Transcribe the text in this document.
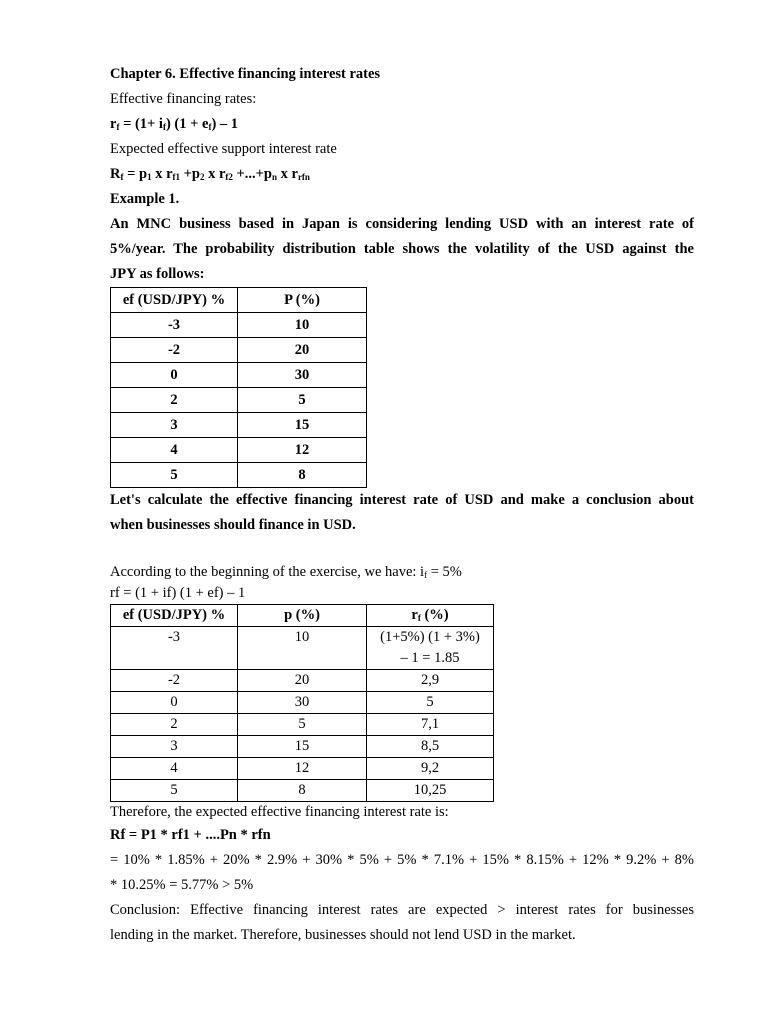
Chapter 6. Effective financing interest rates
Effective financing rates:
$r_f = (1+ i_f) (1 + e_f) - 1$
Expected effective support interest rate
$R_f = p_1$ x $r_{f1} +p_2$ x $r_{f2} +...+p_n$ x $r_{rfn}$
Example 1.
An MNC business based in Japan is considering lending USD with an interest rate of
5%/year. The probability distribution table shows the volatility of the USD against the
JPY as follows:
ef (USD/JPY) %	P (%)
-3	10
-2	20
0	30
2	5
3	15
4	12
5	8
Let's calculate the effective financing interest rate of USD and make a conclusion about
when businesses should finance in USD.
According to the beginning of the exercise, we have: $i_f = 5\%$
rf = (1 + if) (1 + ef) – 1
ef (USD/JPY) %	p (%)	$r_f$ (%)
-3	10	(1+5%) (1 + 3%)
– 1 = 1.85

-2	20	2,9
0	30	5
2	5	7,1
3	15	8,5
4	12	9,2
5	8	10,25
Therefore, the expected effective financing interest rate is:
Rf = P1 * rf1 + ....Pn * rfn
= 10% * 1.85% + 20% * 2.9% + 30% * 5% + 5% * 7.1% + 15% * 8.15% + 12% * 9.2% + 8%
* 10.25% = 5.77% > 5%
Conclusion: Effective financing interest rates are expected > interest rates for businesses
lending in the market. Therefore, businesses should not lend USD in the market.
